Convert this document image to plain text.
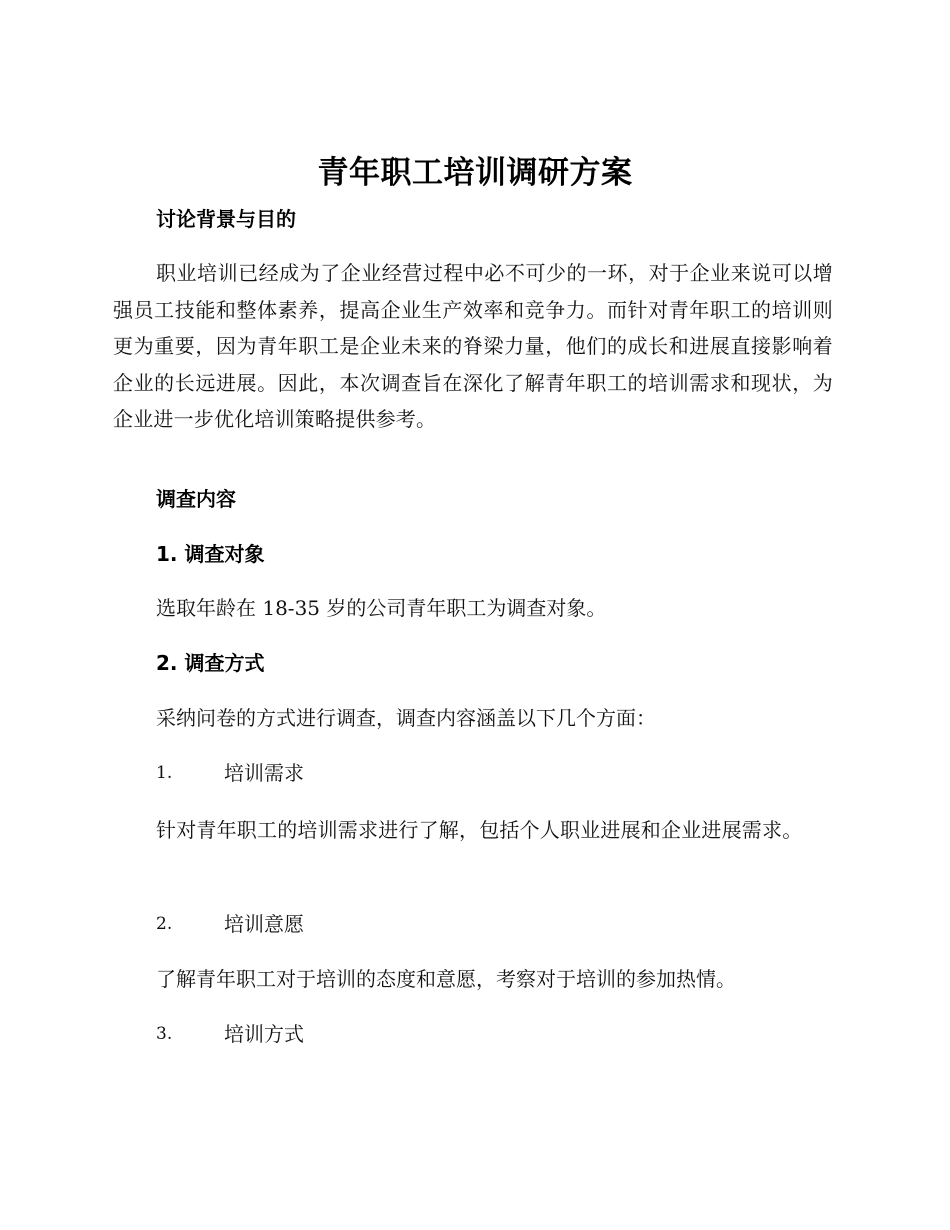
青年职工培训调研方案
讨论背景与目的
职业培训已经成为了企业经营过程中必不可少的一环，对于企业来说可以增强员工技能和整体素养，提高企业生产效率和竞争力。而针对青年职工的培训则更为重要，因为青年职工是企业未来的脊梁力量，他们的成长和进展直接影响着企业的长远进展。因此，本次调查旨在深化了解青年职工的培训需求和现状，为企业进一步优化培训策略提供参考。
调查内容
1. 调查对象
选取年龄在 18-35 岁的公司青年职工为调查对象。
2. 调查方式
采纳问卷的方式进行调查，调查内容涵盖以下几个方面：
1.	培训需求
针对青年职工的培训需求进行了解，包括个人职业进展和企业进展需求。
2.	培训意愿
了解青年职工对于培训的态度和意愿，考察对于培训的参加热情。
3.	培训方式
